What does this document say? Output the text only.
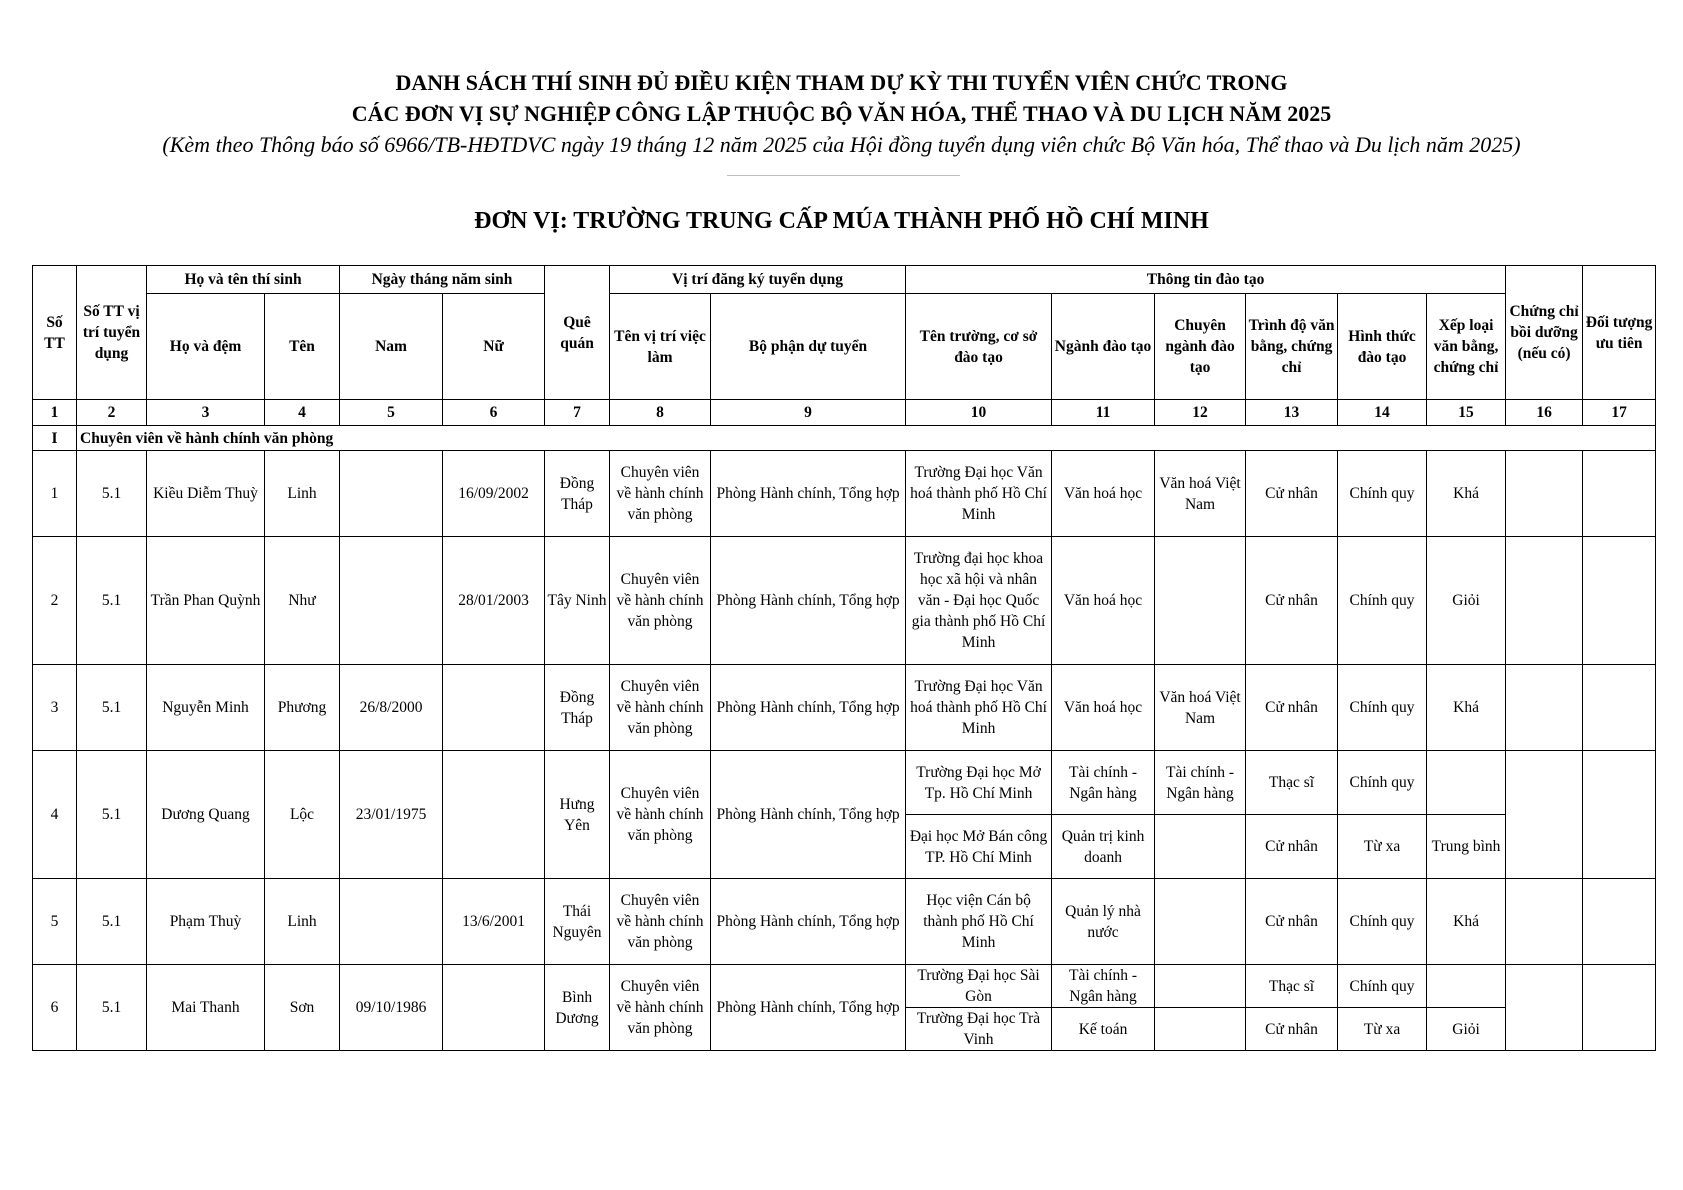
DANH SÁCH THÍ SINH ĐỦ ĐIỀU KIỆN THAM DỰ KỲ THI TUYỂN VIÊN CHỨC TRONG
CÁC ĐƠN VỊ SỰ NGHIỆP CÔNG LẬP THUỘC BỘ VĂN HÓA, THỂ THAO VÀ DU LỊCH NĂM 2025
(Kèm theo Thông báo số 6966/TB-HĐTDVC ngày 19 tháng 12 năm 2025 của Hội đồng tuyển dụng viên chức Bộ Văn hóa, Thể thao và Du lịch năm 2025)
ĐƠN VỊ: TRƯỜNG TRUNG CẤP MÚA THÀNH PHỐ HỒ CHÍ MINH
Số TT	Số TT vị trí tuyển dụng	Họ và tên thí sinh		Ngày tháng năm sinh		Quê quán	Vị trí đăng ký tuyển dụng		Thông tin đào tạo						Chứng chỉ bồi dưỡng (nếu có)	Đối tượng ưu tiên
		Họ và đệm	Tên	Nam	Nữ		Tên vị trí việc làm	Bộ phận dự tuyển	Tên trường, cơ sở đào tạo	Ngành đào tạo	Chuyên ngành đào tạo	Trình độ văn bằng, chứng chỉ	Hình thức đào tạo	Xếp loại văn bằng, chứng chỉ		
1	2	3	4	5	6	7	8	9	10	11	12	13	14	15	16	17
I	Chuyên viên về hành chính văn phòng															
1	5.1	Kiều Diễm Thuỳ	Linh		16/09/2002	Đồng Tháp	Chuyên viên về hành chính văn phòng	Phòng Hành chính, Tổng hợp	Trường Đại học Văn hoá thành phố Hồ Chí Minh	Văn hoá học	Văn hoá Việt Nam	Cử nhân	Chính quy	Khá		
2	5.1	Trần Phan Quỳnh	Như		28/01/2003	Tây Ninh	Chuyên viên về hành chính văn phòng	Phòng Hành chính, Tổng hợp	Trường đại học khoa học xã hội và nhân văn - Đại học Quốc gia thành phố Hồ Chí Minh	Văn hoá học		Cử nhân	Chính quy	Giỏi		
3	5.1	Nguyễn Minh	Phương	26/8/2000		Đồng Tháp	Chuyên viên về hành chính văn phòng	Phòng Hành chính, Tổng hợp	Trường Đại học Văn hoá thành phố Hồ Chí Minh	Văn hoá học	Văn hoá Việt Nam	Cử nhân	Chính quy	Khá		
4	5.1	Dương Quang	Lộc	23/01/1975		Hưng Yên	Chuyên viên về hành chính văn phòng	Phòng Hành chính, Tổng hợp	Trường Đại học Mở Tp. Hồ Chí Minh	Tài chính - Ngân hàng	Tài chính - Ngân hàng	Thạc sĩ	Chính quy			
									Đại học Mở Bán công TP. Hồ Chí Minh	Quản trị kinh doanh		Cử nhân	Từ xa	Trung bình		
5	5.1	Phạm Thuỳ	Linh		13/6/2001	Thái Nguyên	Chuyên viên về hành chính văn phòng	Phòng Hành chính, Tổng hợp	Học viện Cán bộ thành phố Hồ Chí Minh	Quản lý nhà nước		Cử nhân	Chính quy	Khá		
6	5.1	Mai Thanh	Sơn	09/10/1986		Bình Dương	Chuyên viên về hành chính văn phòng	Phòng Hành chính, Tổng hợp	Trường Đại học Sài Gòn	Tài chính - Ngân hàng		Thạc sĩ	Chính quy			
									Trường Đại học Trà Vinh	Kế toán		Cử nhân	Từ xa	Giỏi		
